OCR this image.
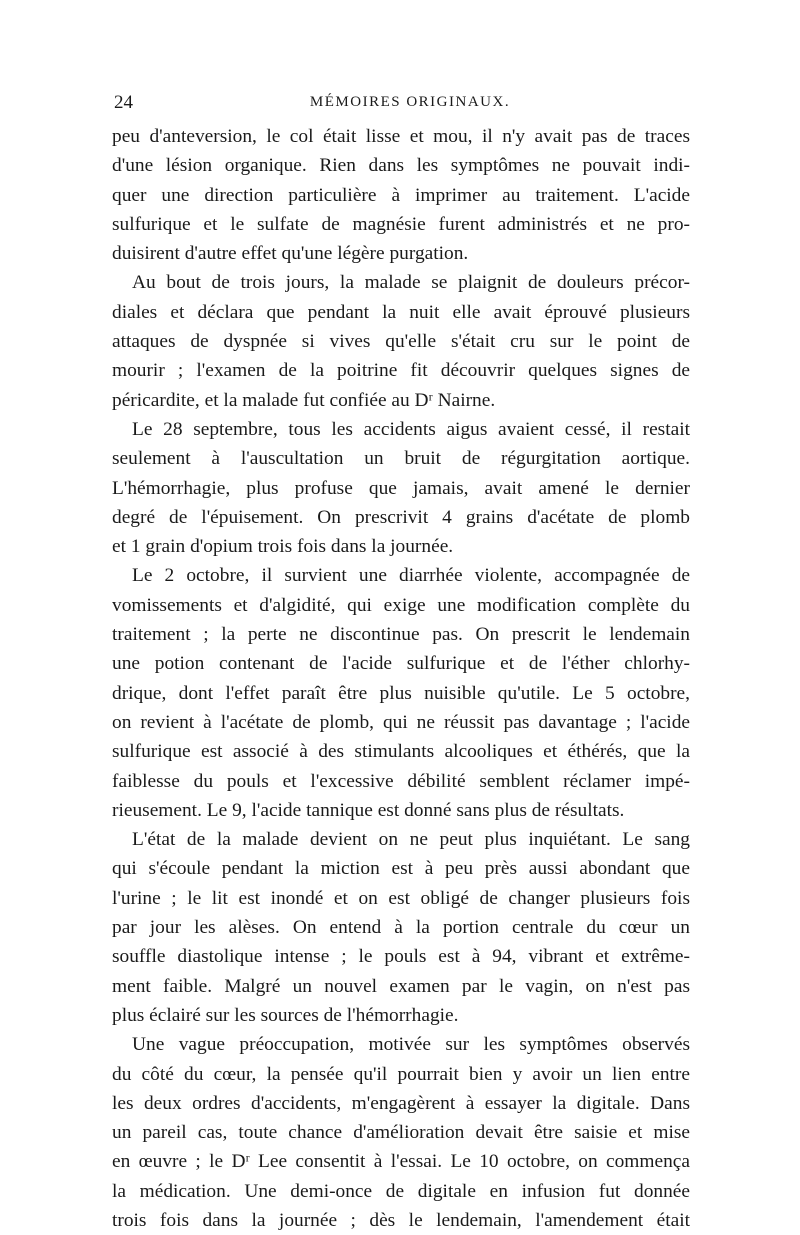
24	MÉMOIRES ORIGINAUX.
peu d'anteversion, le col était lisse et mou, il n'y avait pas de traces
d'une lésion organique. Rien dans les symptômes ne pouvait indi-
quer une direction particulière à imprimer au traitement. L'acide
sulfurique et le sulfate de magnésie furent administrés et ne pro-
duisirent d'autre effet qu'une légère purgation.
Au bout de trois jours, la malade se plaignit de douleurs précor-
diales et déclara que pendant la nuit elle avait éprouvé plusieurs
attaques de dyspnée si vives qu'elle s'était cru sur le point de
mourir ; l'examen de la poitrine fit découvrir quelques signes de
péricardite, et la malade fut confiée au Dʳ Nairne.
Le 28 septembre, tous les accidents aigus avaient cessé, il restait
seulement à l'auscultation un bruit de régurgitation aortique.
L'hémorrhagie, plus profuse que jamais, avait amené le dernier
degré de l'épuisement. On prescrivit 4 grains d'acétate de plomb
et 1 grain d'opium trois fois dans la journée.
Le 2 octobre, il survient une diarrhée violente, accompagnée de
vomissements et d'algidité, qui exige une modification complète du
traitement ; la perte ne discontinue pas. On prescrit le lendemain
une potion contenant de l'acide sulfurique et de l'éther chlorhy-
drique, dont l'effet paraît être plus nuisible qu'utile. Le 5 octobre,
on revient à l'acétate de plomb, qui ne réussit pas davantage ; l'acide
sulfurique est associé à des stimulants alcooliques et éthérés, que la
faiblesse du pouls et l'excessive débilité semblent réclamer impé-
rieusement. Le 9, l'acide tannique est donné sans plus de résultats.
L'état de la malade devient on ne peut plus inquiétant. Le sang
qui s'écoule pendant la miction est à peu près aussi abondant que
l'urine ; le lit est inondé et on est obligé de changer plusieurs fois
par jour les alèses. On entend à la portion centrale du cœur un
souffle diastolique intense ; le pouls est à 94, vibrant et extrême-
ment faible. Malgré un nouvel examen par le vagin, on n'est pas
plus éclairé sur les sources de l'hémorrhagie.
Une vague préoccupation, motivée sur les symptômes observés
du côté du cœur, la pensée qu'il pourrait bien y avoir un lien entre
les deux ordres d'accidents, m'engagèrent à essayer la digitale. Dans
un pareil cas, toute chance d'amélioration devait être saisie et mise
en œuvre ; le Dʳ Lee consentit à l'essai. Le 10 octobre, on commença
la médication. Une demi-once de digitale en infusion fut donnée
trois fois dans la journée ; dès le lendemain, l'amendement était
